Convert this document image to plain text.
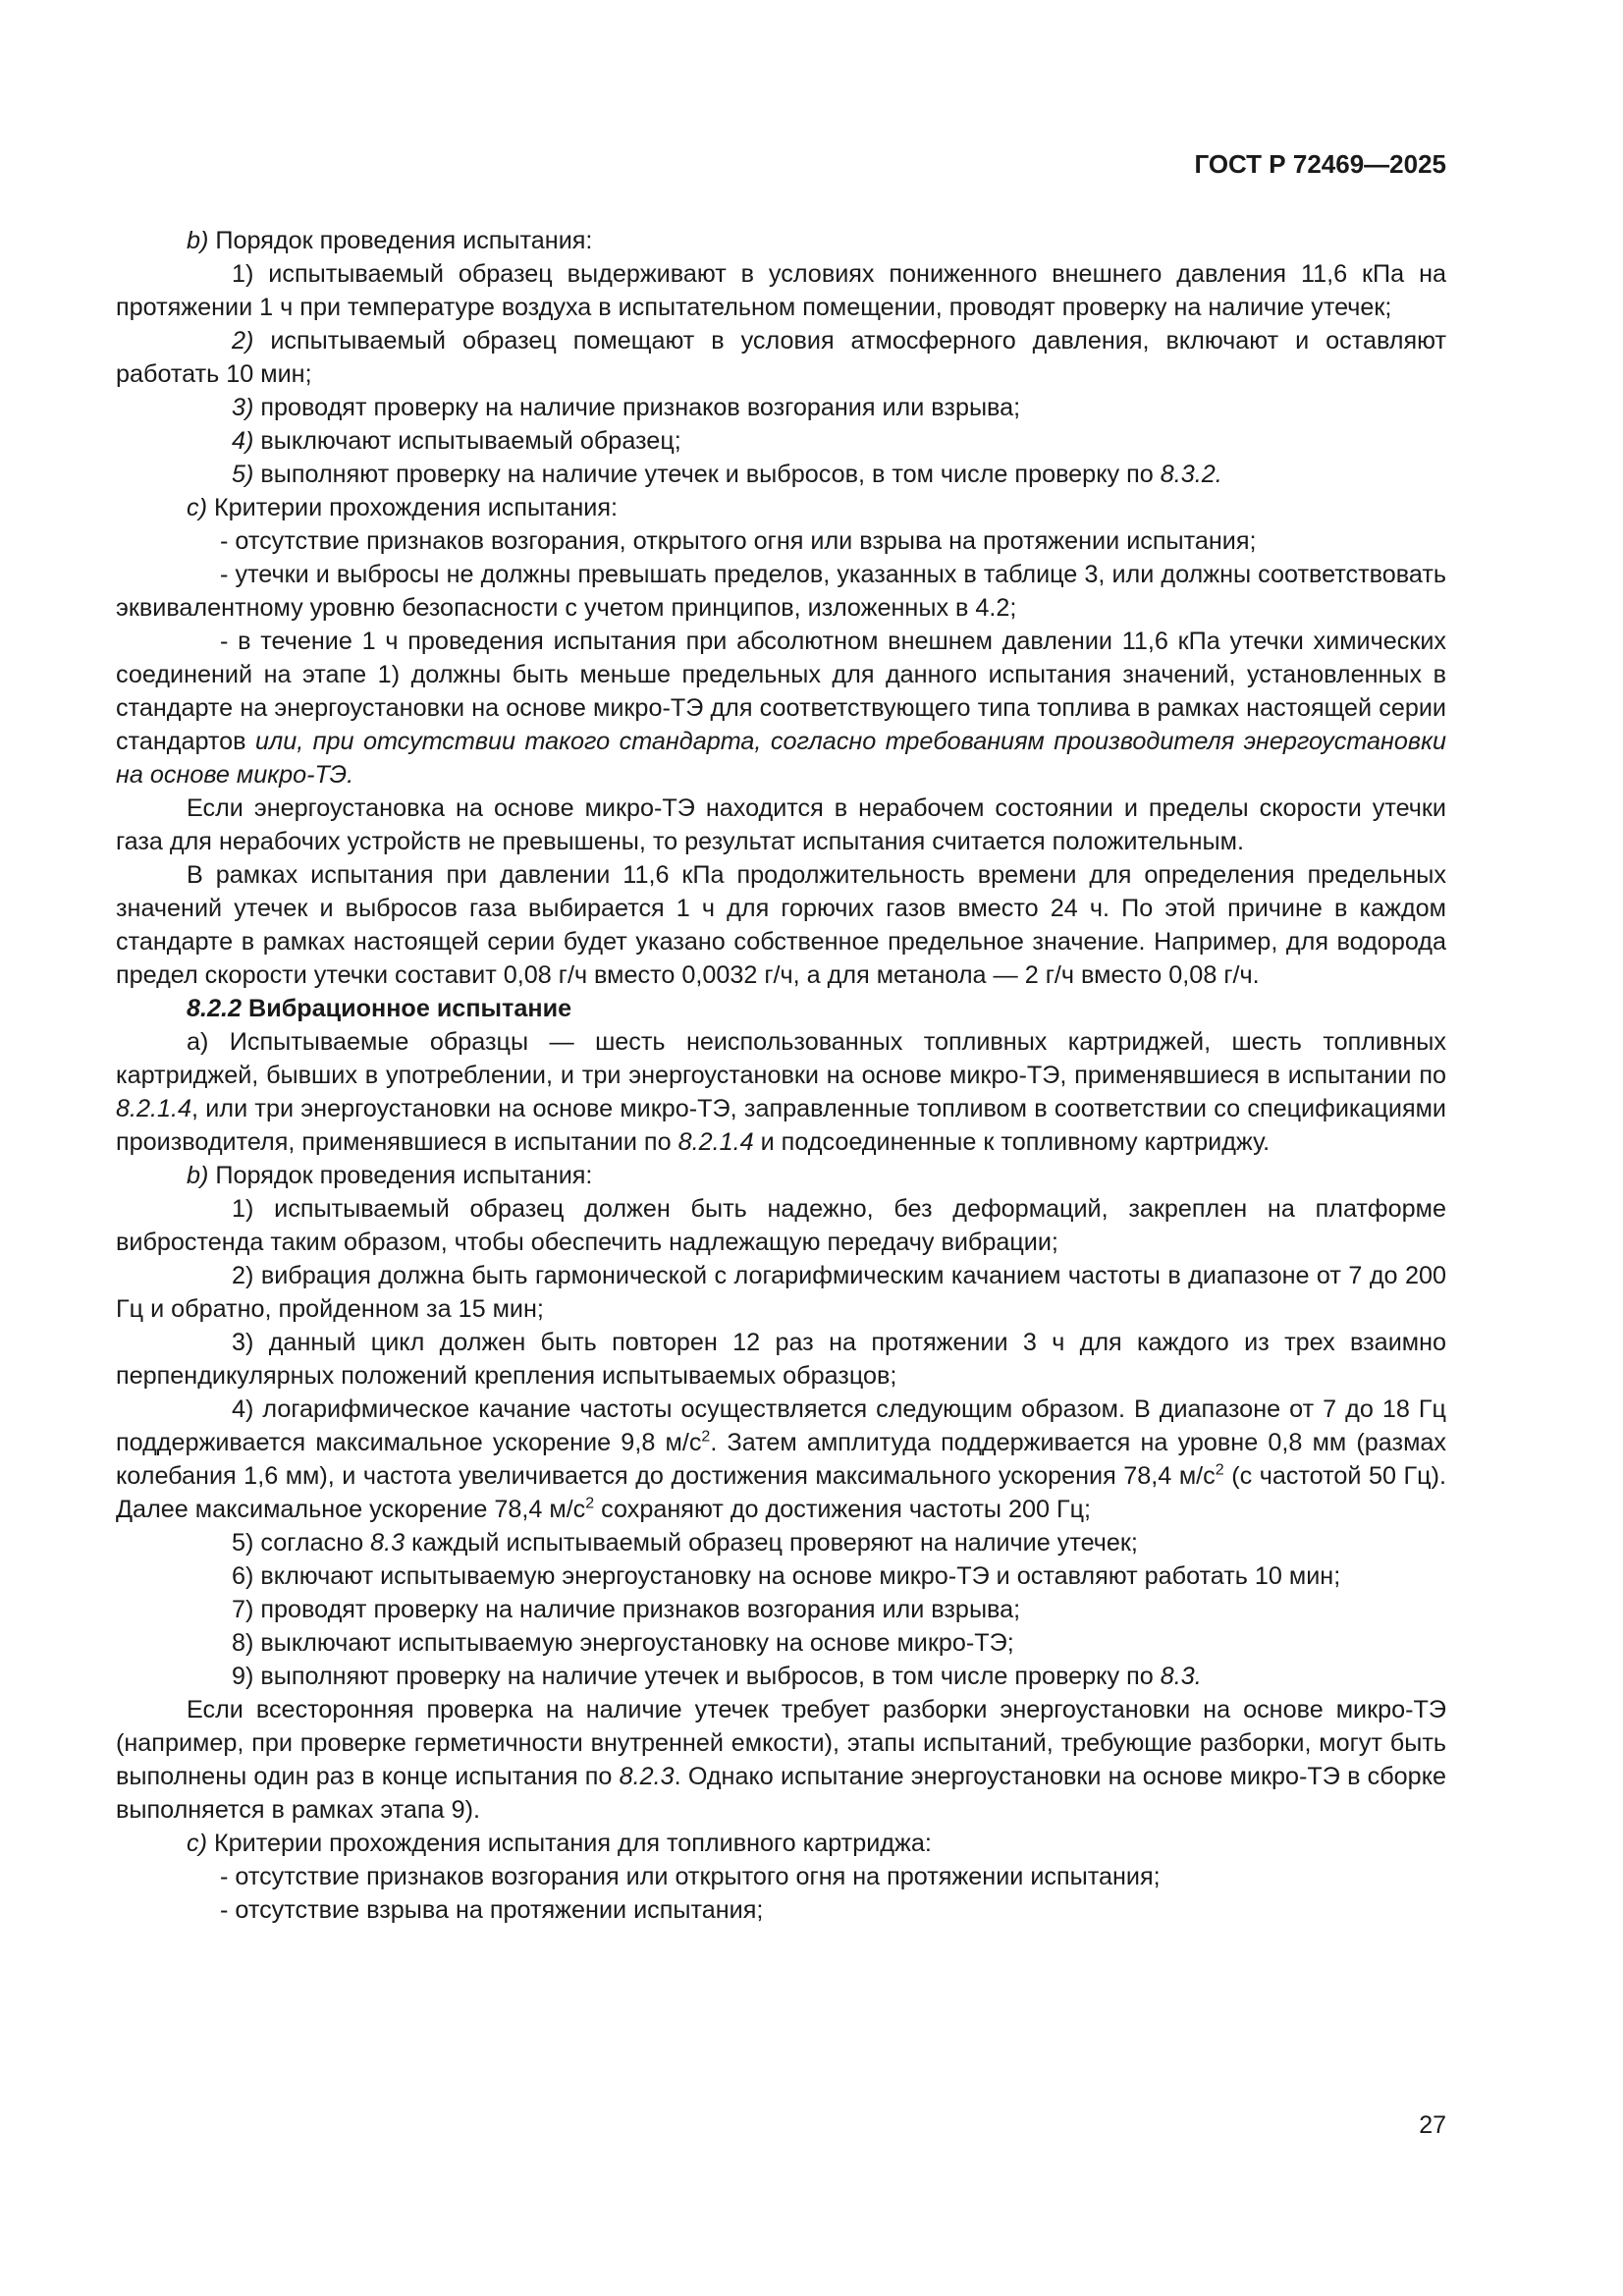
ГОСТ Р 72469—2025

b) Порядок проведения испытания:

1) испытываемый образец выдерживают в условиях пониженного внешнего давления 11,6 кПа на протяжении 1 ч при температуре воздуха в испытательном помещении, проводят проверку на наличие утечек;

2) испытываемый образец помещают в условия атмосферного давления, включают и оставляют работать 10 мин;

3) проводят проверку на наличие признаков возгорания или взрыва;

4) выключают испытываемый образец;

5) выполняют проверку на наличие утечек и выбросов, в том числе проверку по 8.3.2.

c) Критерии прохождения испытания:

- отсутствие признаков возгорания, открытого огня или взрыва на протяжении испытания;

- утечки и выбросы не должны превышать пределов, указанных в таблице 3, или должны соответствовать эквивалентному уровню безопасности с учетом принципов, изложенных в 4.2;

- в течение 1 ч проведения испытания при абсолютном внешнем давлении 11,6 кПа утечки химических соединений на этапе 1) должны быть меньше предельных для данного испытания значений, установленных в стандарте на энергоустановки на основе микро-ТЭ для соответствующего типа топлива в рамках настоящей серии стандартов или, при отсутствии такого стандарта, согласно требованиям производителя энергоустановки на основе микро-ТЭ.

Если энергоустановка на основе микро-ТЭ находится в нерабочем состоянии и пределы скорости утечки газа для нерабочих устройств не превышены, то результат испытания считается положительным.

В рамках испытания при давлении 11,6 кПа продолжительность времени для определения предельных значений утечек и выбросов газа выбирается 1 ч для горючих газов вместо 24 ч. По этой причине в каждом стандарте в рамках настоящей серии будет указано собственное предельное значение. Например, для водорода предел скорости утечки составит 0,08 г/ч вместо 0,0032 г/ч, а для метанола — 2 г/ч вместо 0,08 г/ч.

8.2.2 Вибрационное испытание

а) Испытываемые образцы — шесть неиспользованных топливных картриджей, шесть топливных картриджей, бывших в употреблении, и три энергоустановки на основе микро-ТЭ, применявшиеся в испытании по 8.2.1.4, или три энергоустановки на основе микро-ТЭ, заправленные топливом в соответствии со спецификациями производителя, применявшиеся в испытании по 8.2.1.4 и подсоединенные к топливному картриджу.

b) Порядок проведения испытания:

1) испытываемый образец должен быть надежно, без деформаций, закреплен на платформе вибростенда таким образом, чтобы обеспечить надлежащую передачу вибрации;

2) вибрация должна быть гармонической с логарифмическим качанием частоты в диапазоне от 7 до 200 Гц и обратно, пройденном за 15 мин;

3) данный цикл должен быть повторен 12 раз на протяжении 3 ч для каждого из трех взаимно перпендикулярных положений крепления испытываемых образцов;

4) логарифмическое качание частоты осуществляется следующим образом. В диапазоне от 7 до 18 Гц поддерживается максимальное ускорение 9,8 $м/с^2$. Затем амплитуда поддерживается на уровне 0,8 мм (размах колебания 1,6 мм), и частота увеличивается до достижения максимального ускорения 78,4 $м/с^2$ (с частотой 50 Гц). Далее максимальное ускорение 78,4 $м/с^2$ сохраняют до достижения частоты 200 Гц;

5) согласно 8.3 каждый испытываемый образец проверяют на наличие утечек;

6) включают испытываемую энергоустановку на основе микро-ТЭ и оставляют работать 10 мин;

7) проводят проверку на наличие признаков возгорания или взрыва;

8) выключают испытываемую энергоустановку на основе микро-ТЭ;

9) выполняют проверку на наличие утечек и выбросов, в том числе проверку по 8.3.

Если всесторонняя проверка на наличие утечек требует разборки энергоустановки на основе микро-ТЭ (например, при проверке герметичности внутренней емкости), этапы испытаний, требующие разборки, могут быть выполнены один раз в конце испытания по 8.2.3. Однако испытание энергоустановки на основе микро-ТЭ в сборке выполняется в рамках этапа 9).

c) Критерии прохождения испытания для топливного картриджа:

- отсутствие признаков возгорания или открытого огня на протяжении испытания;

- отсутствие взрыва на протяжении испытания;

27
